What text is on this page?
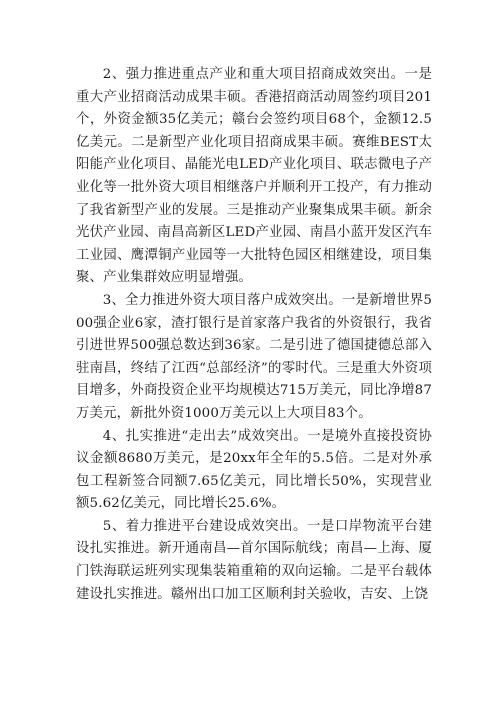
2、强力推进重点产业和重大项目招商成效突出。一是重大产业招商活动成果丰硕。香港招商活动周签约项目201个，外资金额35亿美元；赣台会签约项目68个，金额12.5亿美元。二是新型产业化项目招商成果丰硕。赛维BEST太阳能产业化项目、晶能光电LED产业化项目、联志微电子产业化等一批外资大项目相继落户并顺利开工投产，有力推动了我省新型产业的发展。三是推动产业聚集成果丰硕。新余光伏产业园、南昌高新区LED产业园、南昌小蓝开发区汽车工业园、鹰潭铜产业园等一大批特色园区相继建设，项目集聚、产业集群效应明显增强。

3、全力推进外资大项目落户成效突出。一是新增世界500强企业6家，渣打银行是首家落户我省的外资银行，我省引进世界500强总数达到36家。二是引进了德国捷德总部入驻南昌，终结了江西“总部经济”的零时代。三是重大外资项目增多，外商投资企业平均规模达715万美元，同比净增87万美元，新批外资1000万美元以上大项目83个。

4、扎实推进“走出去”成效突出。一是境外直接投资协议金额8680万美元，是20xx年全年的5.5倍。二是对外承包工程新签合同额7.65亿美元，同比增长50%，实现营业额5.62亿美元，同比增长25.6%。

5、着力推进平台建设成效突出。一是口岸物流平台建设扎实推进。新开通南昌—首尔国际航线；南昌—上海、厦门铁海联运班列实现集装箱重箱的双向运输。二是平台载体建设扎实推进。赣州出口加工区顺利封关验收，吉安、上饶
